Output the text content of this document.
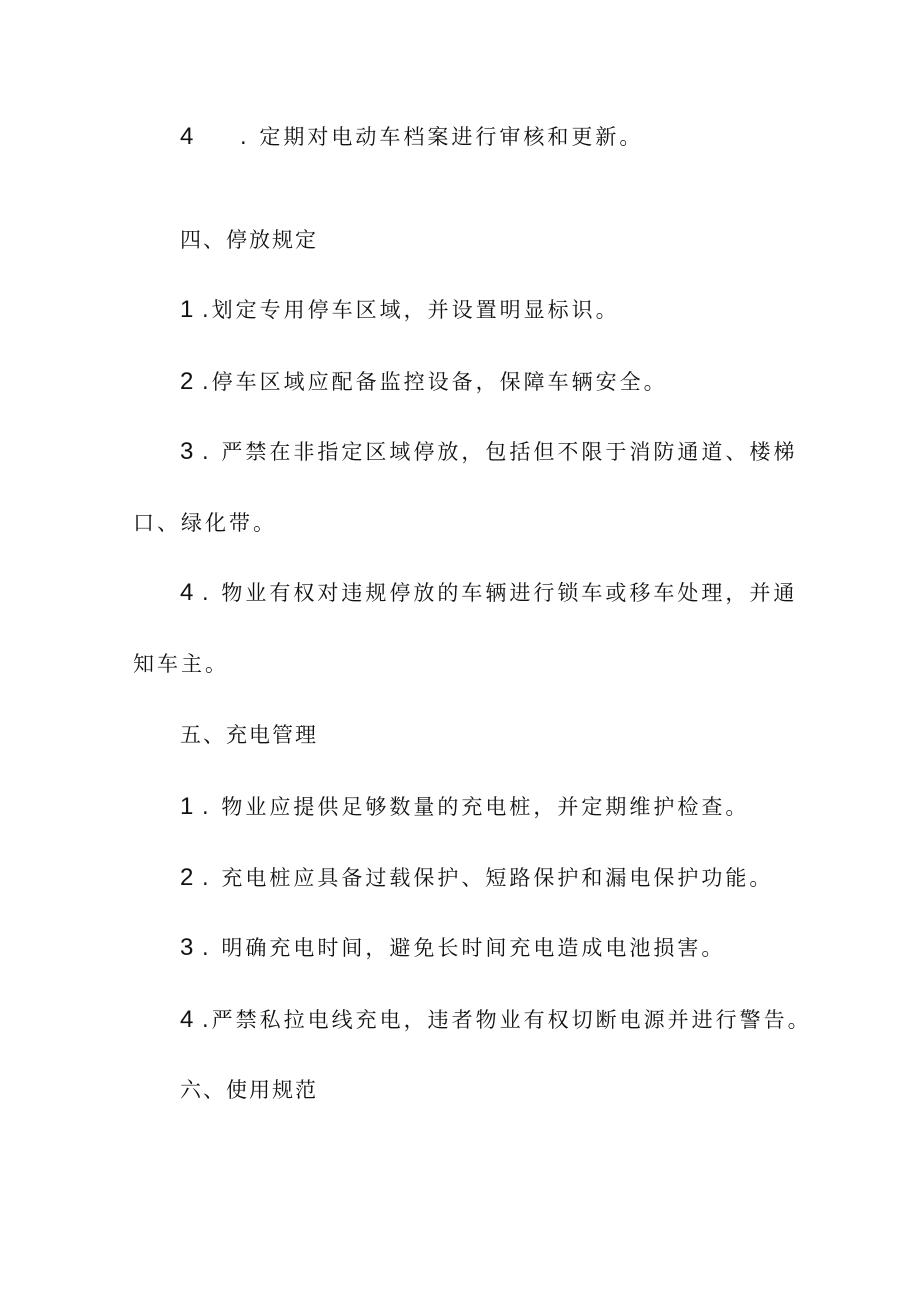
4 . 定期对电动车档案进行审核和更新。
四、停放规定
1 .划定专用停车区域，并设置明显标识。
2 .停车区域应配备监控设备，保障车辆安全。
3 . 严禁在非指定区域停放，包括但不限于消防通道、楼梯
口、绿化带。
4 . 物业有权对违规停放的车辆进行锁车或移车处理，并通
知车主。
五、充电管理
1 . 物业应提供足够数量的充电桩，并定期维护检查。
2 . 充电桩应具备过载保护、短路保护和漏电保护功能。
3 . 明确充电时间，避免长时间充电造成电池损害。
4 .严禁私拉电线充电，违者物业有权切断电源并进行警告。
六、使用规范
